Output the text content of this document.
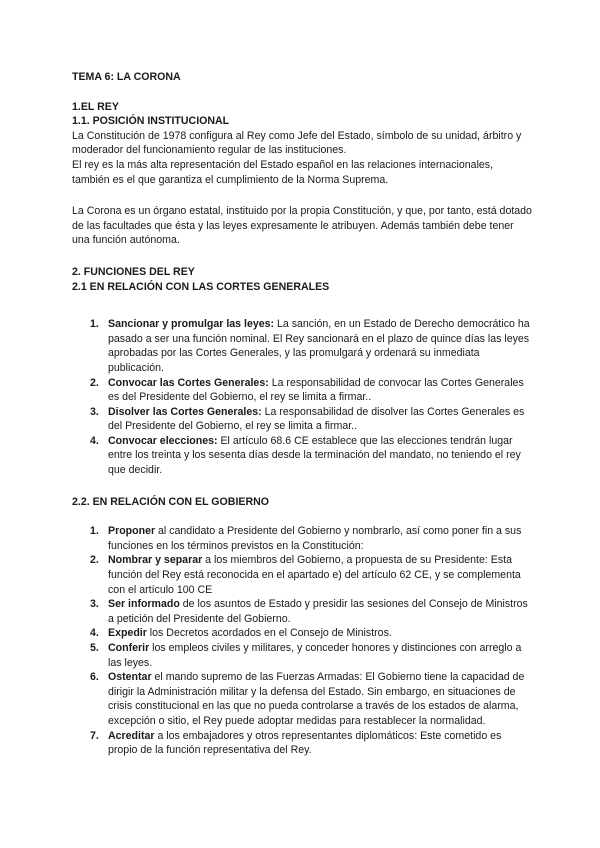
TEMA 6: LA CORONA

1.EL REY

1.1. POSICIÓN INSTITUCIONAL

La Constitución de 1978 configura al Rey como Jefe del Estado, símbolo de su unidad, árbitro y moderador del funcionamiento regular de las instituciones.

El rey es la más alta representación del Estado español en las relaciones internacionales, también es el que garantiza el cumplimiento de la Norma Suprema.

La Corona es un órgano estatal, instituido por la propia Constitución, y que, por tanto, está dotado de las facultades que ésta y las leyes expresamente le atribuyen. Además también debe tener una función autónoma.

2. FUNCIONES DEL REY

2.1 EN RELACIÓN CON LAS CORTES GENERALES

1. Sancionar y promulgar las leyes: La sanción, en un Estado de Derecho democrático ha pasado a ser una función nominal. El Rey sancionará en el plazo de quince días las leyes aprobadas por las Cortes Generales, y las promulgará y ordenará su inmediata publicación.
2. Convocar las Cortes Generales: La responsabilidad de convocar las Cortes Generales es del Presidente del Gobierno, el rey se limita a firmar..
3. Disolver las Cortes Generales: La responsabilidad de disolver las Cortes Generales es del Presidente del Gobierno, el rey se limita a firmar..
4. Convocar elecciones: El artículo 68.6 CE establece que las elecciones tendrán lugar entre los treinta y los sesenta días desde la terminación del mandato, no teniendo el rey que decidir.

2.2. EN RELACIÓN CON EL GOBIERNO

1. Proponer al candidato a Presidente del Gobierno y nombrarlo, así como poner fin a sus funciones en los términos previstos en la Constitución:
2. Nombrar y separar a los miembros del Gobierno, a propuesta de su Presidente: Esta función del Rey está reconocida en el apartado e) del artículo 62 CE, y se complementa con el artículo 100 CE
3. Ser informado de los asuntos de Estado y presidir las sesiones del Consejo de Ministros a petición del Presidente del Gobierno.
4. Expedir los Decretos acordados en el Consejo de Ministros.
5. Conferir los empleos civiles y militares, y conceder honores y distinciones con arreglo a las leyes.
6. Ostentar el mando supremo de las Fuerzas Armadas: El Gobierno tiene la capacidad de dirigir la Administración militar y la defensa del Estado. Sin embargo, en situaciones de crisis constitucional en las que no pueda controlarse a través de los estados de alarma, excepción o sitio, el Rey puede adoptar medidas para restablecer la normalidad.
7. Acreditar a los embajadores y otros representantes diplomáticos: Este cometido es propio de la función representativa del Rey.
